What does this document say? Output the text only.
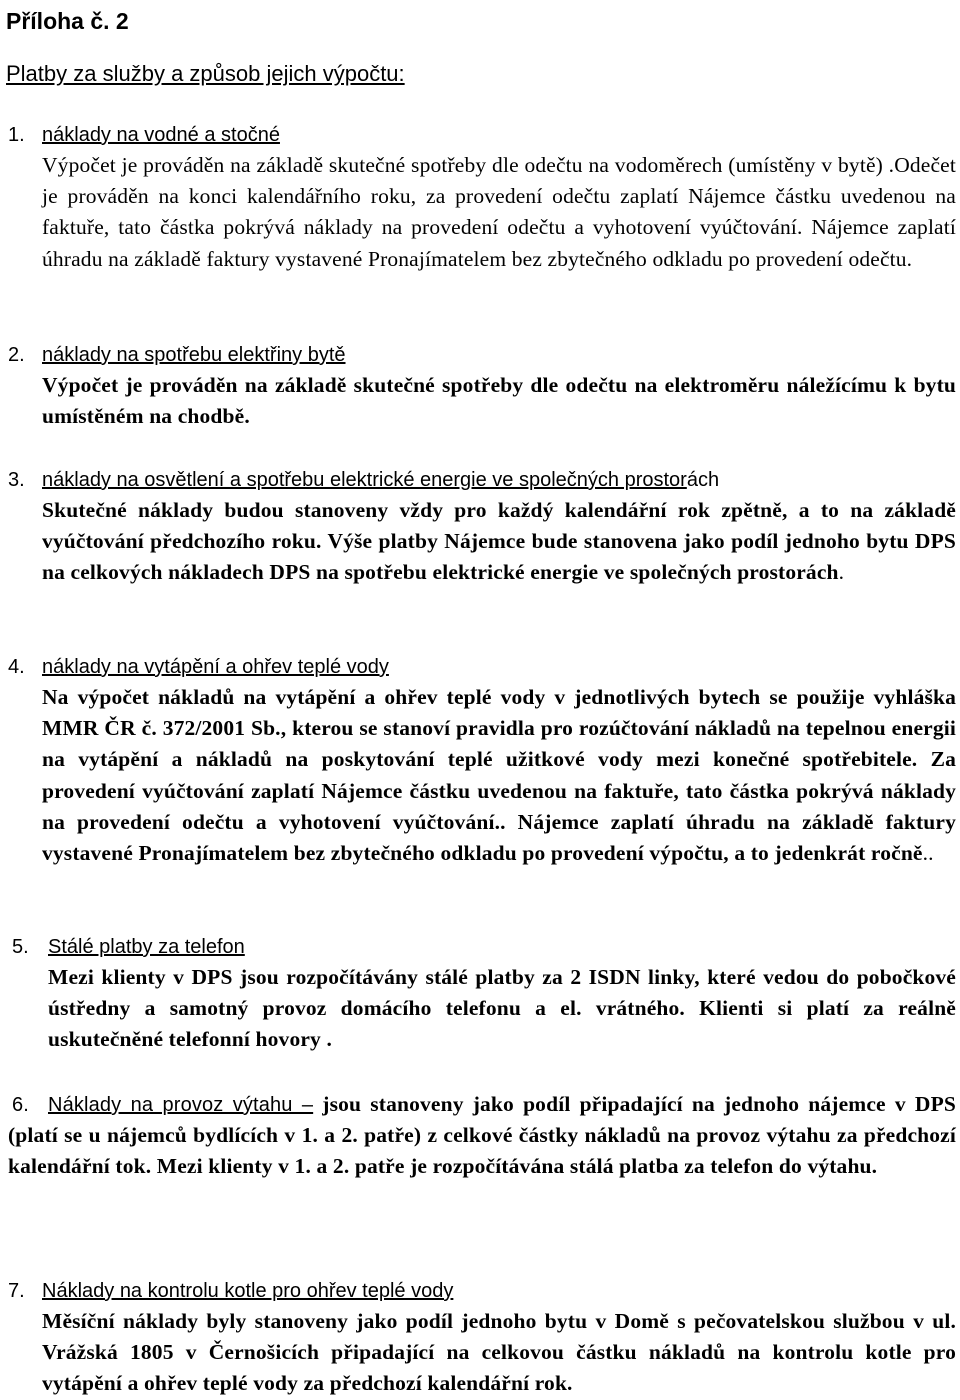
Příloha č. 2
Platby za služby a způsob jejich výpočtu:
1. náklady na vodné a stočné
Výpočet je prováděn na základě skutečné spotřeby dle odečtu na vodoměrech (umístěny v bytě) .Odečet je prováděn na konci kalendářního roku, za provedení odečtu zaplatí Nájemce částku uvedenou na faktuře, tato částka pokrývá náklady na provedení odečtu a vyhotovení vyúčtování. Nájemce zaplatí úhradu na základě faktury vystavené Pronajímatelem bez zbytečného odkladu po provedení odečtu.
2. náklady na spotřebu elektřiny bytě
Výpočet je prováděn na základě skutečné spotřeby dle odečtu na elektroměru náležícímu k bytu umístěném na chodbě.
3. náklady na osvětlení a spotřebu elektrické energie ve společných prostorách
Skutečné náklady budou stanoveny vždy pro každý kalendářní rok zpětně, a to na základě vyúčtování předchozího roku. Výše platby Nájemce bude stanovena jako podíl jednoho bytu DPS na celkových nákladech DPS na spotřebu elektrické energie ve společných prostorách.
4. náklady na vytápění a ohřev teplé vody
Na výpočet nákladů na vytápění a ohřev teplé vody v jednotlivých bytech se použije vyhláška MMR ČR č. 372/2001 Sb., kterou se stanoví pravidla pro rozúčtování nákladů na tepelnou energii na vytápění a nákladů na poskytování teplé užitkové vody mezi konečné spotřebitele. Za provedení vyúčtování zaplatí Nájemce částku uvedenou na faktuře, tato částka pokrývá náklady na provedení odečtu a vyhotovení vyúčtování.. Nájemce zaplatí úhradu na základě faktury vystavené Pronajímatelem bez zbytečného odkladu po provedení výpočtu, a to jedenkrát ročně..
5. Stálé platby za telefon
Mezi klienty v DPS jsou rozpočítávány stálé platby za 2 ISDN linky, které vedou do pobočkové ústředny a samotný provoz domácího telefonu a el. vrátného. Klienti si platí za reálně uskutečněné telefonní hovory .
6. Náklady na provoz výtahu – jsou stanoveny jako podíl připadající na jednoho nájemce v DPS (platí se u nájemců bydlících v 1. a 2. patře) z celkové částky nákladů na provoz výtahu za předchozí kalendářní tok. Mezi klienty v 1. a 2. patře je rozpočítávána stálá platba za telefon do výtahu.
7. Náklady na kontrolu kotle pro ohřev teplé vody
Měsíční náklady byly stanoveny jako podíl jednoho bytu v Domě s pečovatelskou službou v ul. Vrážská 1805 v Černošicích připadající na celkovou částku nákladů na kontrolu kotle pro vytápění a ohřev teplé vody za předchozí kalendářní rok.
